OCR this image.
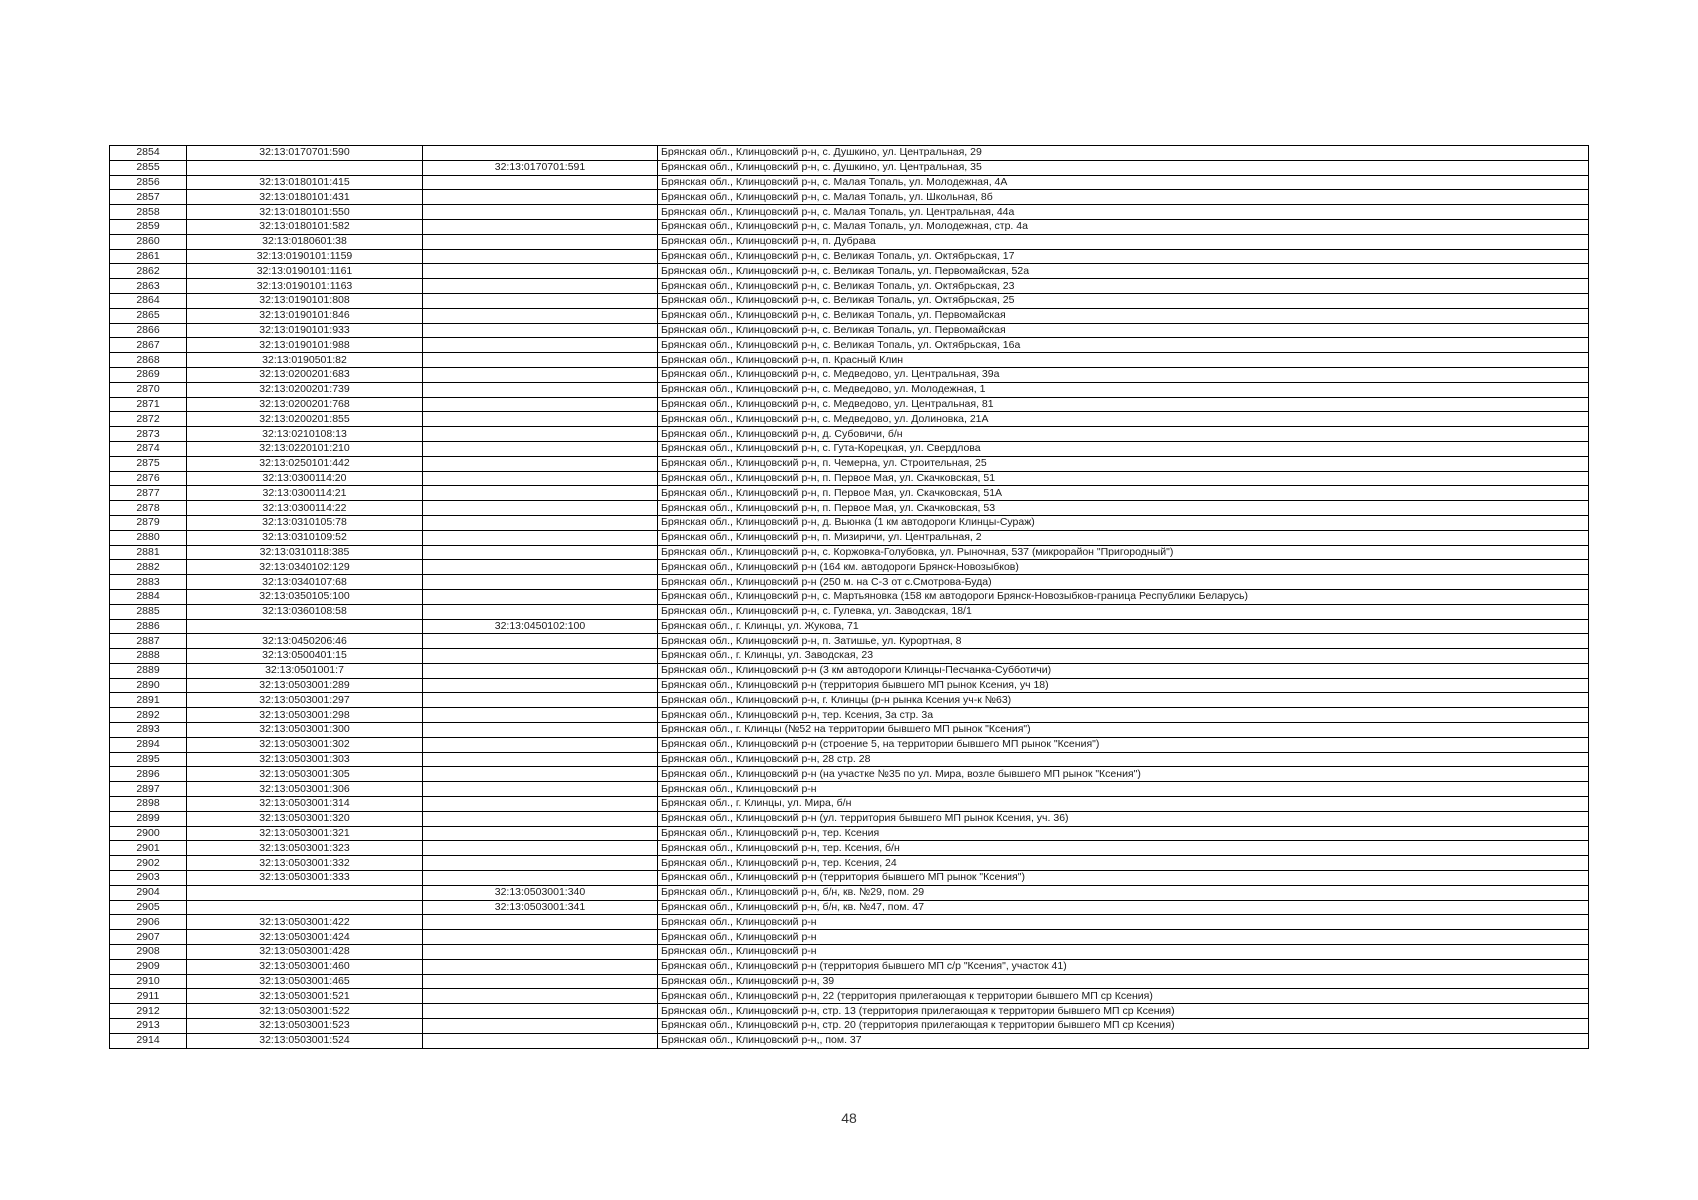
2854	32:13:0170701:590		Брянская обл., Клинцовский р-н, с. Душкино, ул. Центральная, 29
2855		32:13:0170701:591	Брянская обл., Клинцовский р-н, с. Душкино, ул. Центральная, 35
2856	32:13:0180101:415		Брянская обл., Клинцовский р-н, с. Малая Топаль, ул. Молодежная, 4А
2857	32:13:0180101:431		Брянская обл., Клинцовский р-н, с. Малая Топаль, ул. Школьная, 8б
2858	32:13:0180101:550		Брянская обл., Клинцовский р-н, с. Малая Топаль, ул. Центральная, 44а
2859	32:13:0180101:582		Брянская обл., Клинцовский р-н, с. Малая Топаль, ул. Молодежная, стр. 4а
2860	32:13:0180601:38		Брянская обл., Клинцовский р-н, п. Дубрава
2861	32:13:0190101:1159		Брянская обл., Клинцовский р-н, с. Великая Топаль, ул. Октябрьская, 17
2862	32:13:0190101:1161		Брянская обл., Клинцовский р-н, с. Великая Топаль, ул. Первомайская, 52а
2863	32:13:0190101:1163		Брянская обл., Клинцовский р-н, с. Великая Топаль, ул. Октябрьская, 23
2864	32:13:0190101:808		Брянская обл., Клинцовский р-н, с. Великая Топаль, ул. Октябрьская, 25
2865	32:13:0190101:846		Брянская обл., Клинцовский р-н, с. Великая Топаль, ул. Первомайская
2866	32:13:0190101:933		Брянская обл., Клинцовский р-н, с. Великая Топаль, ул. Первомайская
2867	32:13:0190101:988		Брянская обл., Клинцовский р-н, с. Великая Топаль, ул. Октябрьская, 16а
2868	32:13:0190501:82		Брянская обл., Клинцовский р-н, п. Красный Клин
2869	32:13:0200201:683		Брянская обл., Клинцовский р-н, с. Медведово, ул. Центральная, 39а
2870	32:13:0200201:739		Брянская обл., Клинцовский р-н, с. Медведово, ул. Молодежная, 1
2871	32:13:0200201:768		Брянская обл., Клинцовский р-н, с. Медведово, ул. Центральная, 81
2872	32:13:0200201:855		Брянская обл., Клинцовский р-н, с. Медведово, ул. Долиновка, 21А
2873	32:13:0210108:13		Брянская обл., Клинцовский р-н, д. Субовичи, б/н
2874	32:13:0220101:210		Брянская обл., Клинцовский р-н, с. Гута-Корецкая, ул. Свердлова
2875	32:13:0250101:442		Брянская обл., Клинцовский р-н, п. Чемерна, ул. Строительная, 25
2876	32:13:0300114:20		Брянская обл., Клинцовский р-н, п. Первое Мая, ул. Скачковская, 51
2877	32:13:0300114:21		Брянская обл., Клинцовский р-н, п. Первое Мая, ул. Скачковская, 51А
2878	32:13:0300114:22		Брянская обл., Клинцовский р-н, п. Первое Мая, ул. Скачковская, 53
2879	32:13:0310105:78		Брянская обл., Клинцовский р-н, д. Вьюнка (1 км автодороги Клинцы-Сураж)
2880	32:13:0310109:52		Брянская обл., Клинцовский р-н, п. Мизиричи, ул. Центральная, 2
2881	32:13:0310118:385		Брянская обл., Клинцовский р-н, с. Коржовка-Голубовка, ул. Рыночная, 537 (микрорайон "Пригородный")
2882	32:13:0340102:129		Брянская обл., Клинцовский р-н (164 км. автодороги Брянск-Новозыбков)
2883	32:13:0340107:68		Брянская обл., Клинцовский р-н (250 м. на С-З от с.Смотрова-Буда)
2884	32:13:0350105:100		Брянская обл., Клинцовский р-н, с. Мартьяновка (158 км автодороги Брянск-Новозыбков-граница Республики Беларусь)
2885	32:13:0360108:58		Брянская обл., Клинцовский р-н, с. Гулевка, ул. Заводская, 18/1
2886		32:13:0450102:100	Брянская обл., г. Клинцы, ул. Жукова, 71
2887	32:13:0450206:46		Брянская обл., Клинцовский р-н, п. Затишье, ул. Курортная, 8
2888	32:13:0500401:15		Брянская обл., г. Клинцы, ул. Заводская, 23
2889	32:13:0501001:7		Брянская обл., Клинцовский р-н (3 км автодороги Клинцы-Песчанка-Субботичи)
2890	32:13:0503001:289		Брянская обл., Клинцовский р-н (территория бывшего МП рынок Ксения, уч 18)
2891	32:13:0503001:297		Брянская обл., Клинцовский р-н, г. Клинцы (р-н рынка Ксения уч-к №63)
2892	32:13:0503001:298		Брянская обл., Клинцовский р-н, тер. Ксения, 3а стр. 3а
2893	32:13:0503001:300		Брянская обл., г. Клинцы (№52 на территории бывшего МП рынок "Ксения")
2894	32:13:0503001:302		Брянская обл., Клинцовский р-н (строение 5, на территории бывшего МП рынок "Ксения")
2895	32:13:0503001:303		Брянская обл., Клинцовский р-н, 28 стр. 28
2896	32:13:0503001:305		Брянская обл., Клинцовский р-н (на участке №35 по ул. Мира, возле бывшего МП рынок "Ксения")
2897	32:13:0503001:306		Брянская обл., Клинцовский р-н
2898	32:13:0503001:314		Брянская обл., г. Клинцы, ул. Мира, б/н
2899	32:13:0503001:320		Брянская обл., Клинцовский р-н (ул. территория бывшего МП рынок Ксения, уч. 36)
2900	32:13:0503001:321		Брянская обл., Клинцовский р-н, тер. Ксения
2901	32:13:0503001:323		Брянская обл., Клинцовский р-н, тер. Ксения, б/н
2902	32:13:0503001:332		Брянская обл., Клинцовский р-н, тер. Ксения, 24
2903	32:13:0503001:333		Брянская обл., Клинцовский р-н (территория бывшего МП рынок "Ксения")
2904		32:13:0503001:340	Брянская обл., Клинцовский р-н, б/н, кв. №29, пом. 29
2905		32:13:0503001:341	Брянская обл., Клинцовский р-н, б/н, кв. №47, пом. 47
2906	32:13:0503001:422		Брянская обл., Клинцовский р-н
2907	32:13:0503001:424		Брянская обл., Клинцовский р-н
2908	32:13:0503001:428		Брянская обл., Клинцовский р-н
2909	32:13:0503001:460		Брянская обл., Клинцовский р-н (территория бывшего МП с/р "Ксения", участок 41)
2910	32:13:0503001:465		Брянская обл., Клинцовский р-н, 39
2911	32:13:0503001:521		Брянская обл., Клинцовский р-н, 22 (территория прилегающая к территории бывшего МП ср Ксения)
2912	32:13:0503001:522		Брянская обл., Клинцовский р-н, стр. 13 (территория прилегающая к территории бывшего МП ср Ксения)
2913	32:13:0503001:523		Брянская обл., Клинцовский р-н, стр. 20 (территория прилегающая к территории бывшего МП ср Ксения)
2914	32:13:0503001:524		Брянская обл., Клинцовский р-н,, пом. 37
48
